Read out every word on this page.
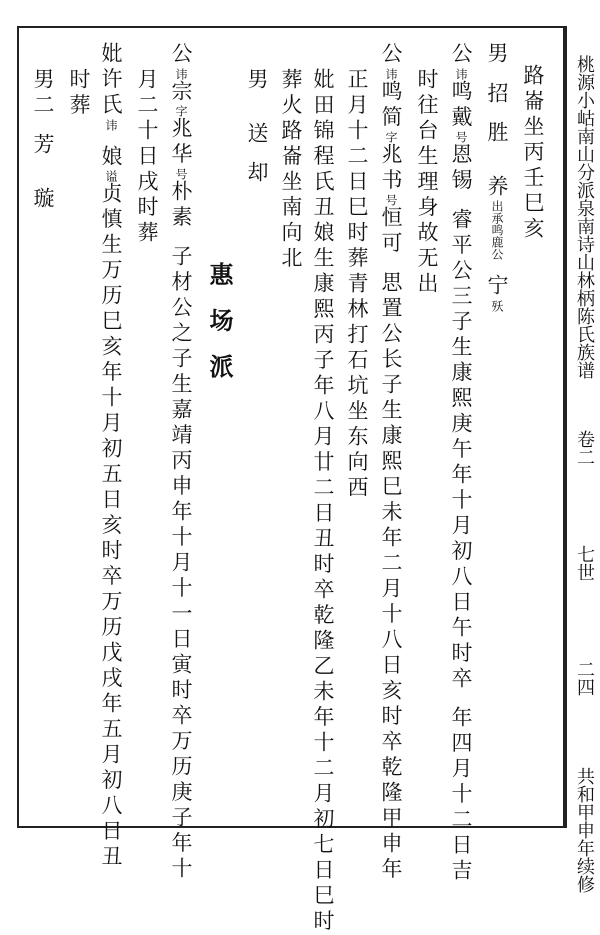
桃源小岵南山分派泉南诗山林柄陈氏族谱 卷二 七世 二四 共和甲申年续修
路崙坐丙壬巳亥
男招胜养出承鸣鹿公宁殀
公讳鸣戴号恩锡睿平公三子生康熙庚午年十月初八日午时卒年四月十二日吉
时往台生理身故无出
公讳鸣简字兆书号恒可思置公长子生康熙巳未年二月十八日亥时卒乾隆甲申年
正月十二日巳时葬青林打石坑坐东向西
妣田锦程氏丑娘生康熙丙子年八月廿二日丑时卒乾隆乙未年十二月初七日巳时
葬火路崙坐南向北
男送却
惠场派
公讳宗字兆华号朴素子材公之子生嘉靖丙申年十月十一日寅时卒万历庚子年十
月二十日戌时葬
妣许氏讳娘谥贞慎生万历巳亥年十月初五日亥时卒万历戊戌年五月初八日丑
时葬
男二芳璇
